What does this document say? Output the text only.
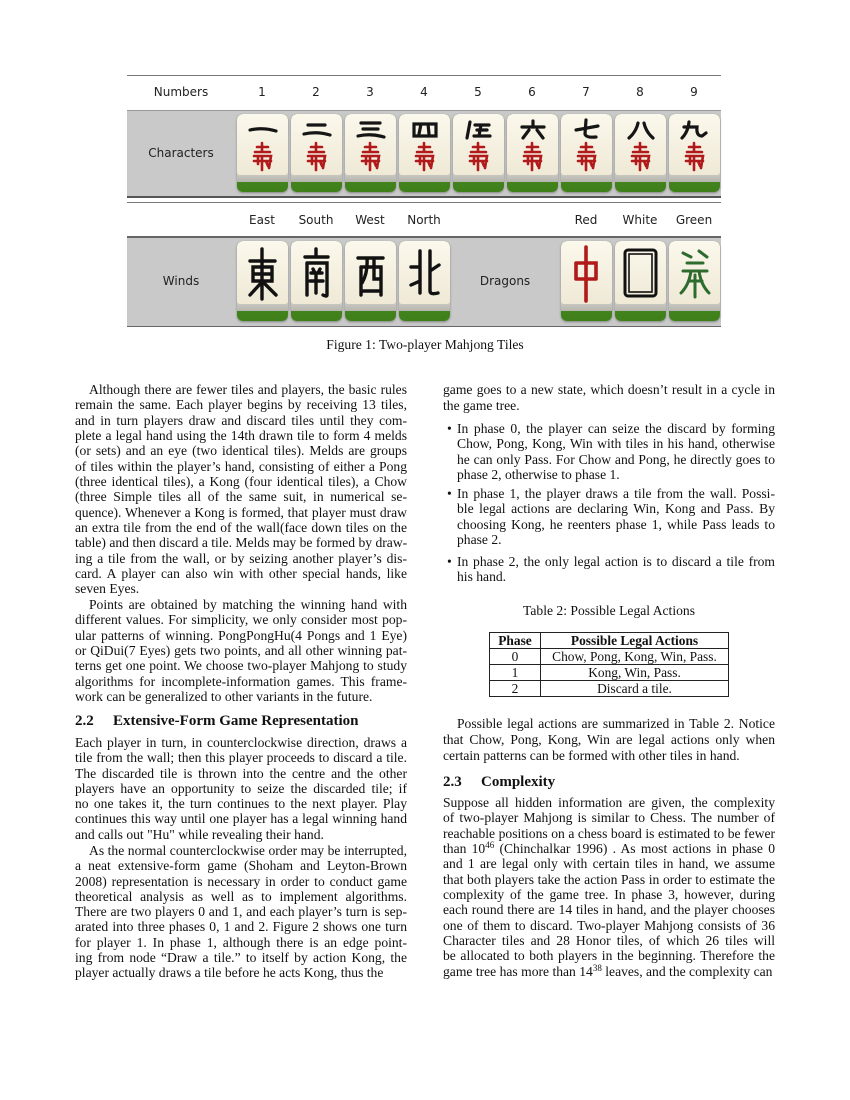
Numbers	1	2	3	4	5	6	7	8	9
Characters
East South West North	Red White Green
Winds	Dragons
Figure 1: Two-player Mahjong Tiles
Although there are fewer tiles and players, the basic rules
remain the same. Each player begins by receiving 13 tiles,
and in turn players draw and discard tiles until they com-
plete a legal hand using the 14th drawn tile to form 4 melds
(or sets) and an eye (two identical tiles). Melds are groups
of tiles within the player’s hand, consisting of either a Pong
(three identical tiles), a Kong (four identical tiles), a Chow
(three Simple tiles all of the same suit, in numerical se-
quence). Whenever a Kong is formed, that player must draw
an extra tile from the end of the wall(face down tiles on the
table) and then discard a tile. Melds may be formed by draw-
ing a tile from the wall, or by seizing another player’s dis-
card. A player can also win with other special hands, like
seven Eyes.
Points are obtained by matching the winning hand with
different values. For simplicity, we only consider most pop-
ular patterns of winning. PongPongHu(4 Pongs and 1 Eye)
or QiDui(7 Eyes) gets two points, and all other winning pat-
terns get one point. We choose two-player Mahjong to study
algorithms for incomplete-information games. This frame-
work can be generalized to other variants in the future.
2.2 Extensive-Form Game Representation
Each player in turn, in counterclockwise direction, draws a
tile from the wall; then this player proceeds to discard a tile.
The discarded tile is thrown into the centre and the other
players have an opportunity to seize the discarded tile; if
no one takes it, the turn continues to the next player. Play
continues this way until one player has a legal winning hand
and calls out "Hu" while revealing their hand.
As the normal counterclockwise order may be interrupted,
a neat extensive-form game (Shoham and Leyton-Brown
2008) representation is necessary in order to conduct game
theoretical analysis as well as to implement algorithms.
There are two players 0 and 1, and each player’s turn is sep-
arated into three phases 0, 1 and 2. Figure 2 shows one turn
for player 1. In phase 1, although there is an edge point-
ing from node “Draw a tile.” to itself by action Kong, the
player actually draws a tile before he acts Kong, thus the
game goes to a new state, which doesn’t result in a cycle in
the game tree.
• In phase 0, the player can seize the discard by forming
Chow, Pong, Kong, Win with tiles in his hand, otherwise
he can only Pass. For Chow and Pong, he directly goes to
phase 2, otherwise to phase 1.
• In phase 1, the player draws a tile from the wall. Possi-
ble legal actions are declaring Win, Kong and Pass. By
choosing Kong, he reenters phase 1, while Pass leads to
phase 2.
• In phase 2, the only legal action is to discard a tile from
his hand.
Table 2: Possible Legal Actions
Phase	Possible Legal Actions
0	Chow, Pong, Kong, Win, Pass.
1	Kong, Win, Pass.
2	Discard a tile.
Possible legal actions are summarized in Table 2. Notice
that Chow, Pong, Kong, Win are legal actions only when
certain patterns can be formed with other tiles in hand.
2.3 Complexity
Suppose all hidden information are given, the complexity
of two-player Mahjong is similar to Chess. The number of
reachable positions on a chess board is estimated to be fewer
than $10^{46}$ (Chinchalkar 1996) . As most actions in phase 0
and 1 are legal only with certain tiles in hand, we assume
that both players take the action Pass in order to estimate the
complexity of the game tree. In phase 3, however, during
each round there are 14 tiles in hand, and the player chooses
one of them to discard. Two-player Mahjong consists of 36
Character tiles and 28 Honor tiles, of which 26 tiles will
be allocated to both players in the beginning. Therefore the
game tree has more than $14^{38}$ leaves, and the complexity can
